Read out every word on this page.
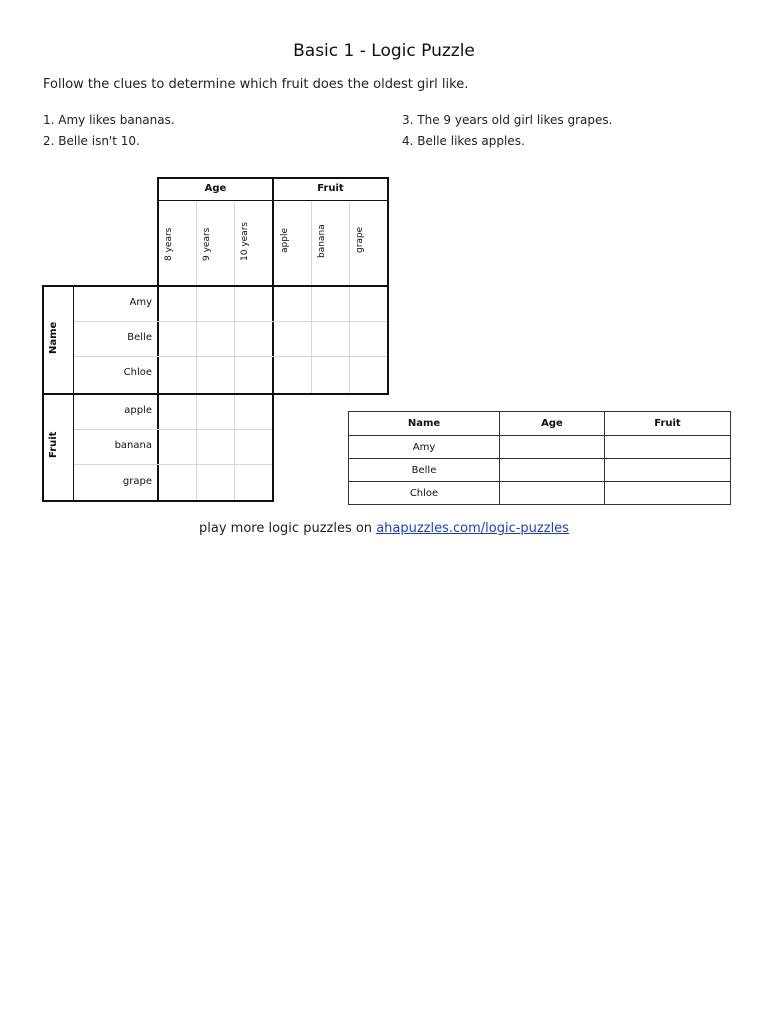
Basic 1 - Logic Puzzle
Follow the clues to determine which fruit does the oldest girl like.
1. Amy likes bananas.
2. Belle isn't 10.
3. The 9 years old girl likes grapes.
4. Belle likes apples.
Age	Fruit
8 years	9 years	10 years	apple	banana	grape
Name
Fruit
Amy
Belle
Chloe
apple
banana
grape
Name	Age	Fruit
Amy		
Belle		
Chloe		
play more logic puzzles on ahapuzzles.com/logic-puzzles
